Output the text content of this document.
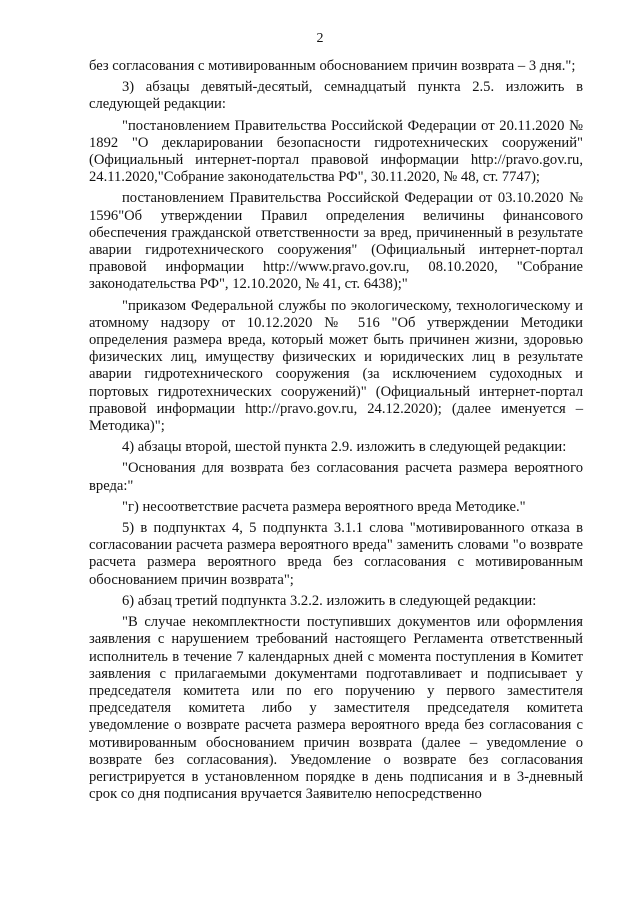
2

без согласования с мотивированным обоснованием причин возврата – 3 дня.";

3) абзацы девятый-десятый, семнадцатый пункта 2.5. изложить в следующей редакции:

"постановлением Правительства Российской Федерации от 20.11.2020 № 1892 "О декларировании безопасности гидротехнических сооружений" (Официальный интернет-портал правовой информации http://pravo.gov.ru, 24.11.2020,"Собрание законодательства РФ", 30.11.2020, № 48, ст. 7747);

постановлением Правительства Российской Федерации от 03.10.2020 № 1596"Об утверждении Правил определения величины финансового обеспечения гражданской ответственности за вред, причиненный в результате аварии гидротехнического сооружения" (Официальный интернет-портал правовой информации http://www.pravo.gov.ru, 08.10.2020, "Собрание законодательства РФ", 12.10.2020, № 41, ст. 6438);"

"приказом Федеральной службы по экологическому, технологическому и атомному надзору от 10.12.2020 № 516 "Об утверждении Методики определения размера вреда, который может быть причинен жизни, здоровью физических лиц, имуществу физических и юридических лиц в результате аварии гидротехнического сооружения (за исключением судоходных и портовых гидротехнических сооружений)" (Официальный интернет-портал правовой информации http://pravo.gov.ru, 24.12.2020); (далее именуется – Методика)";

4) абзацы второй, шестой пункта 2.9. изложить в следующей редакции:

"Основания для возврата без согласования расчета размера вероятного вреда:"

"г) несоответствие расчета размера вероятного вреда Методике."

5) в подпунктах 4, 5 подпункта 3.1.1 слова "мотивированного отказа в согласовании расчета размера вероятного вреда" заменить словами "о возврате расчета размера вероятного вреда без согласования с мотивированным обоснованием причин возврата";

6) абзац третий подпункта 3.2.2. изложить в следующей редакции:

"В случае некомплектности поступивших документов или оформления заявления с нарушением требований настоящего Регламента ответственный исполнитель в течение 7 календарных дней с момента поступления в Комитет заявления с прилагаемыми документами подготавливает и подписывает у председателя комитета или по его поручению у первого заместителя председателя комитета либо у заместителя председателя комитета уведомление о возврате расчета размера вероятного вреда без согласования с мотивированным обоснованием причин возврата (далее – уведомление о возврате без согласования). Уведомление о возврате без согласования регистрируется в установленном порядке в день подписания и в 3-дневный срок со дня подписания вручается Заявителю непосредственно
